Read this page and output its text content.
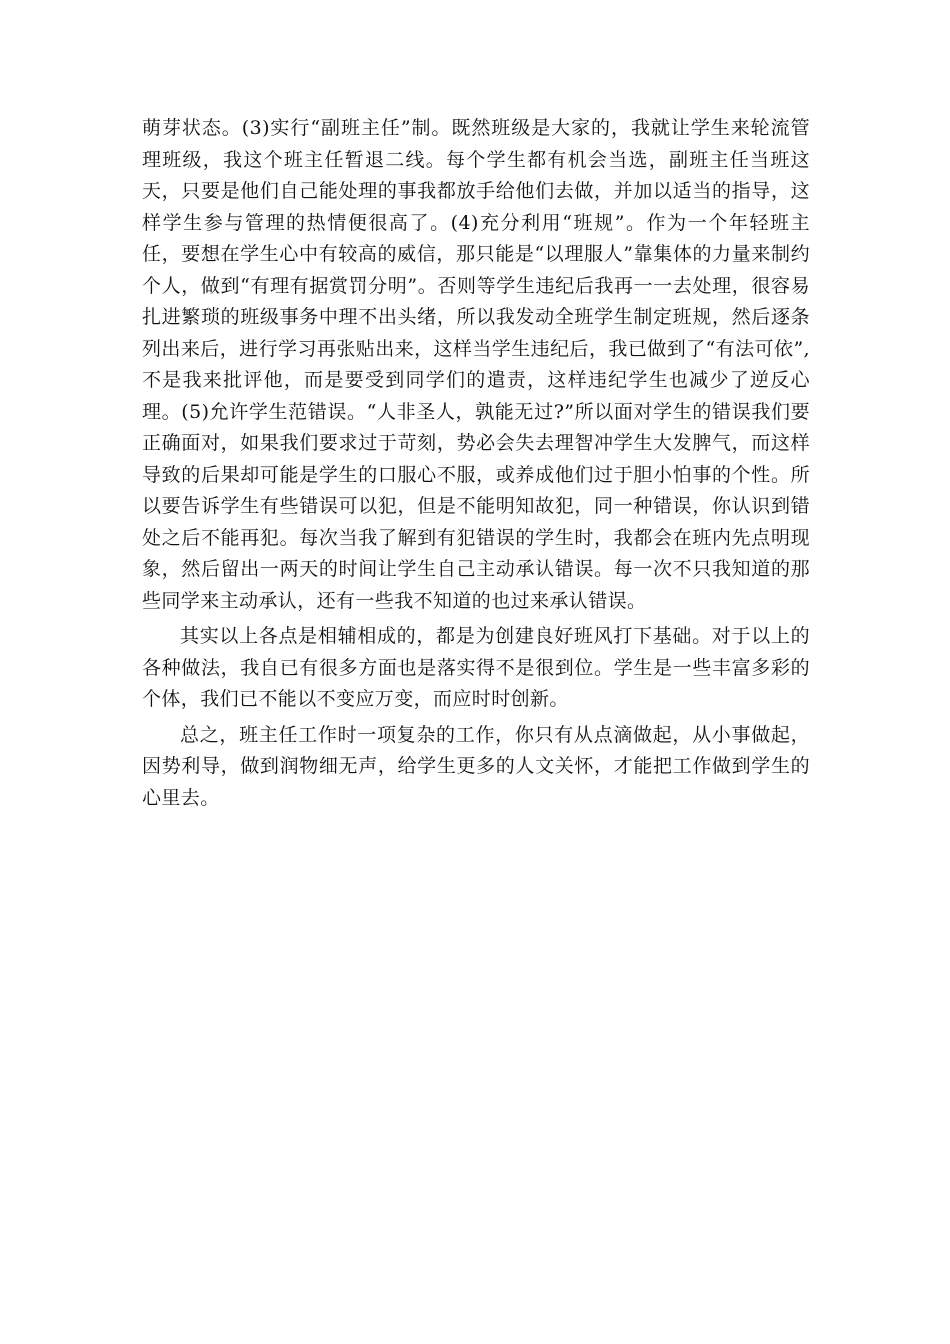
萌芽状态。(3)实行“副班主任”制。既然班级是大家的，我就让学生来轮流管理班级，我这个班主任暂退二线。每个学生都有机会当选，副班主任当班这天，只要是他们自己能处理的事我都放手给他们去做，并加以适当的指导，这样学生参与管理的热情便很高了。(4)充分利用“班规”。作为一个年轻班主任，要想在学生心中有较高的威信，那只能是“以理服人”靠集体的力量来制约个人，做到“有理有据赏罚分明”。否则等学生违纪后我再一一去处理，很容易扎进繁琐的班级事务中理不出头绪，所以我发动全班学生制定班规，然后逐条列出来后，进行学习再张贴出来，这样当学生违纪后，我已做到了“有法可依”,不是我来批评他，而是要受到同学们的遣责，这样违纪学生也减少了逆反心理。(5)允许学生范错误。“人非圣人，孰能无过?”所以面对学生的错误我们要正确面对，如果我们要求过于苛刻，势必会失去理智冲学生大发脾气，而这样导致的后果却可能是学生的口服心不服，或养成他们过于胆小怕事的个性。所以要告诉学生有些错误可以犯，但是不能明知故犯，同一种错误，你认识到错处之后不能再犯。每次当我了解到有犯错误的学生时，我都会在班内先点明现象，然后留出一两天的时间让学生自己主动承认错误。每一次不只我知道的那些同学来主动承认，还有一些我不知道的也过来承认错误。

其实以上各点是相辅相成的，都是为创建良好班风打下基础。对于以上的各种做法，我自已有很多方面也是落实得不是很到位。学生是一些丰富多彩的个体，我们已不能以不变应万变，而应时时创新。

总之，班主任工作时一项复杂的工作，你只有从点滴做起，从小事做起，因势利导，做到润物细无声，给学生更多的人文关怀，才能把工作做到学生的心里去。
